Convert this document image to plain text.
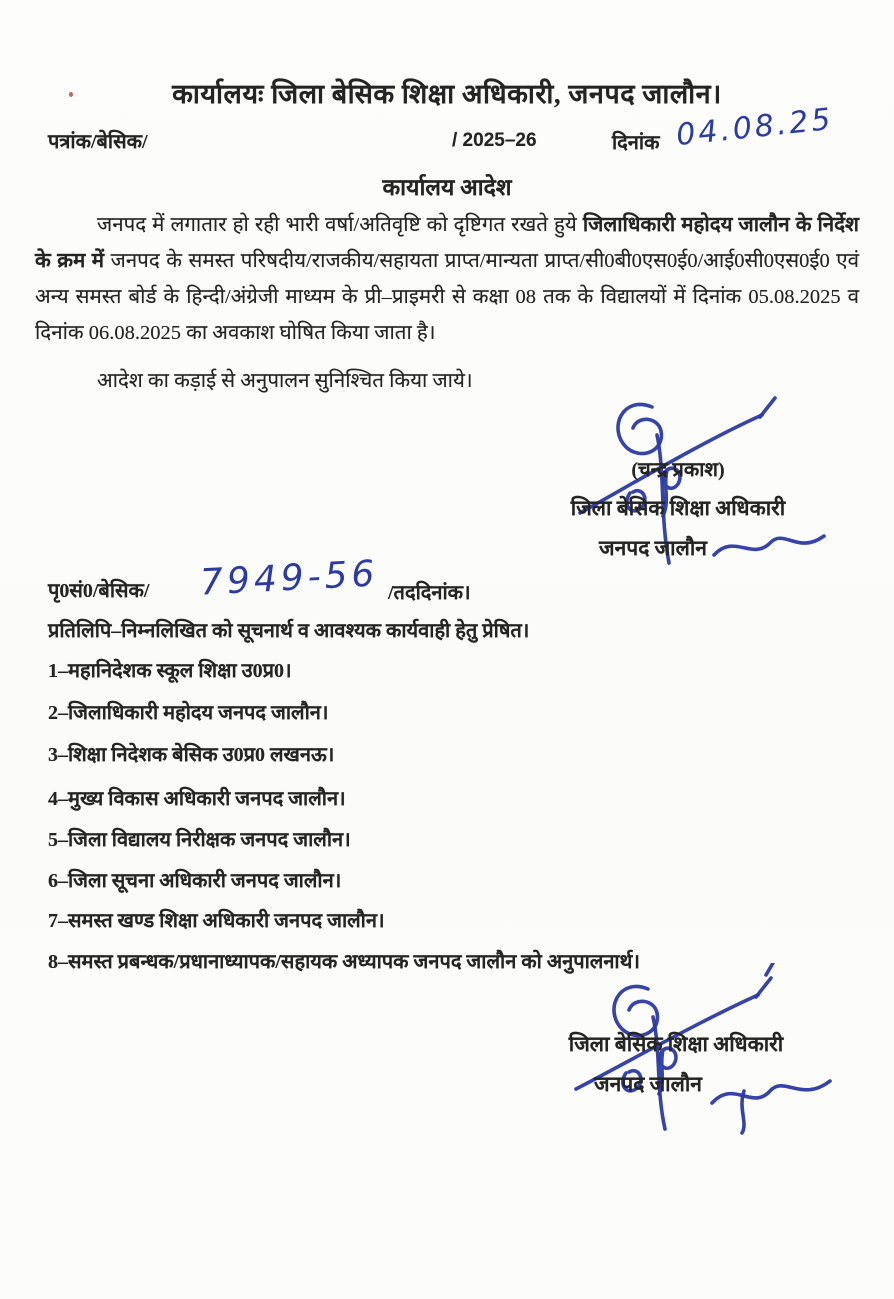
कार्यालयः जिला बेसिक शिक्षा अधिकारी, जनपद जालौन।
पत्रांक/बेसिक/	/ 2025–26	दिनांक 04.08.25
कार्यालय आदेश
जनपद में लगातार हो रही भारी वर्षा/अतिवृष्टि को दृष्टिगत रखते हुये जिलाधिकारी महोदय जालौन के निर्देश के क्रम में जनपद के समस्त परिषदीय/राजकीय/सहायता प्राप्त/मान्यता प्राप्त/सी0बी0एस0ई0/आई0सी0एस0ई0 एवं अन्य समस्त बोर्ड के हिन्दी/अंग्रेजी माध्यम के प्री–प्राइमरी से कक्षा 08 तक के विद्यालयों में दिनांक 05.08.2025 व दिनांक 06.08.2025 का अवकाश घोषित किया जाता है।
आदेश का कड़ाई से अनुपालन सुनिश्चित किया जाये।
(चन्द्र प्रकाश)
जिला बेसिक शिक्षा अधिकारी
जनपद जालौन
पृ0सं0/बेसिक/ 7949-56 /तददिनांक।
प्रतिलिपि–निम्नलिखित को सूचनार्थ व आवश्यक कार्यवाही हेतु प्रेषित।
1–महानिदेशक स्कूल शिक्षा उ0प्र0।
2–जिलाधिकारी महोदय जनपद जालौन।
3–शिक्षा निदेशक बेसिक उ0प्र0 लखनऊ।
4–मुख्य विकास अधिकारी जनपद जालौन।
5–जिला विद्यालय निरीक्षक जनपद जालौन।
6–जिला सूचना अधिकारी जनपद जालौन।
7–समस्त खण्ड शिक्षा अधिकारी जनपद जालौन।
8–समस्त प्रबन्धक/प्रधानाध्यापक/सहायक अध्यापक जनपद जालौन को अनुपालनार्थ।
जिला बेसिक शिक्षा अधिकारी
जनपद जालौन
